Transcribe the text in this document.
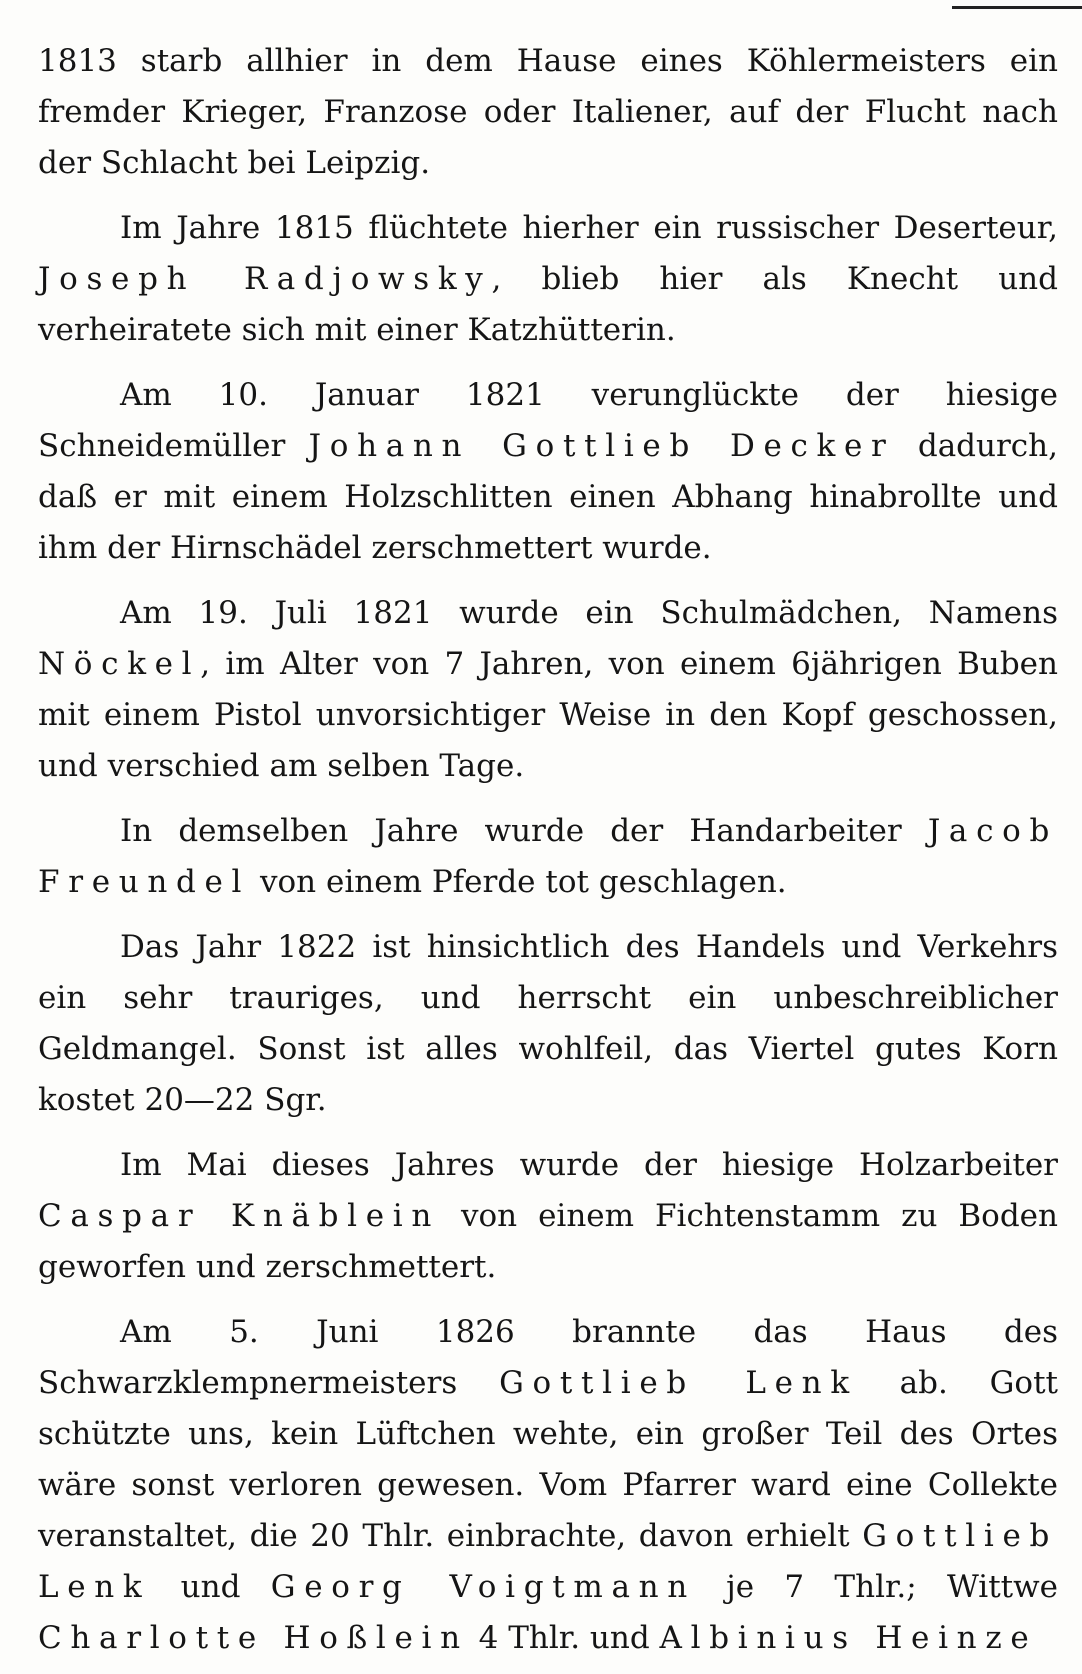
1813 starb allhier in dem Hause eines Köhlermeisters ein fremder Krieger, Franzose oder Italiener, auf der Flucht nach der Schlacht bei Leipzig.

Im Jahre 1815 flüchtete hierher ein russischer Deserteur, Joseph Radjowsky, blieb hier als Knecht und verheiratete sich mit einer Katzhütterin.

Am 10. Januar 1821 verunglückte der hiesige Schneidemüller Johann Gottlieb Decker dadurch, daß er mit einem Holzschlitten einen Abhang hinabrollte und ihm der Hirnschädel zerschmettert wurde.

Am 19. Juli 1821 wurde ein Schulmädchen, Namens Nöckel, im Alter von 7 Jahren, von einem 6jährigen Buben mit einem Pistol unvorsichtiger Weise in den Kopf geschossen, und verschied am selben Tage.

In demselben Jahre wurde der Handarbeiter Jacob Freundel von einem Pferde tot geschlagen.

Das Jahr 1822 ist hinsichtlich des Handels und Verkehrs ein sehr trauriges, und herrscht ein unbeschreiblicher Geldmangel. Sonst ist alles wohlfeil, das Viertel gutes Korn kostet 20—22 Sgr.

Im Mai dieses Jahres wurde der hiesige Holzarbeiter Caspar Knäblein von einem Fichtenstamm zu Boden geworfen und zerschmettert.

Am 5. Juni 1826 brannte das Haus des Schwarzklempnermeisters Gottlieb Lenk ab. Gott schützte uns, kein Lüftchen wehte, ein großer Teil des Ortes wäre sonst verloren gewesen. Vom Pfarrer ward eine Collekte veranstaltet, die 20 Thlr. einbrachte, davon erhielt Gottlieb Lenk und Georg Voigtmann je 7 Thlr.; Wittwe Charlotte Hoßlein 4 Thlr. und Albinius Heinze
